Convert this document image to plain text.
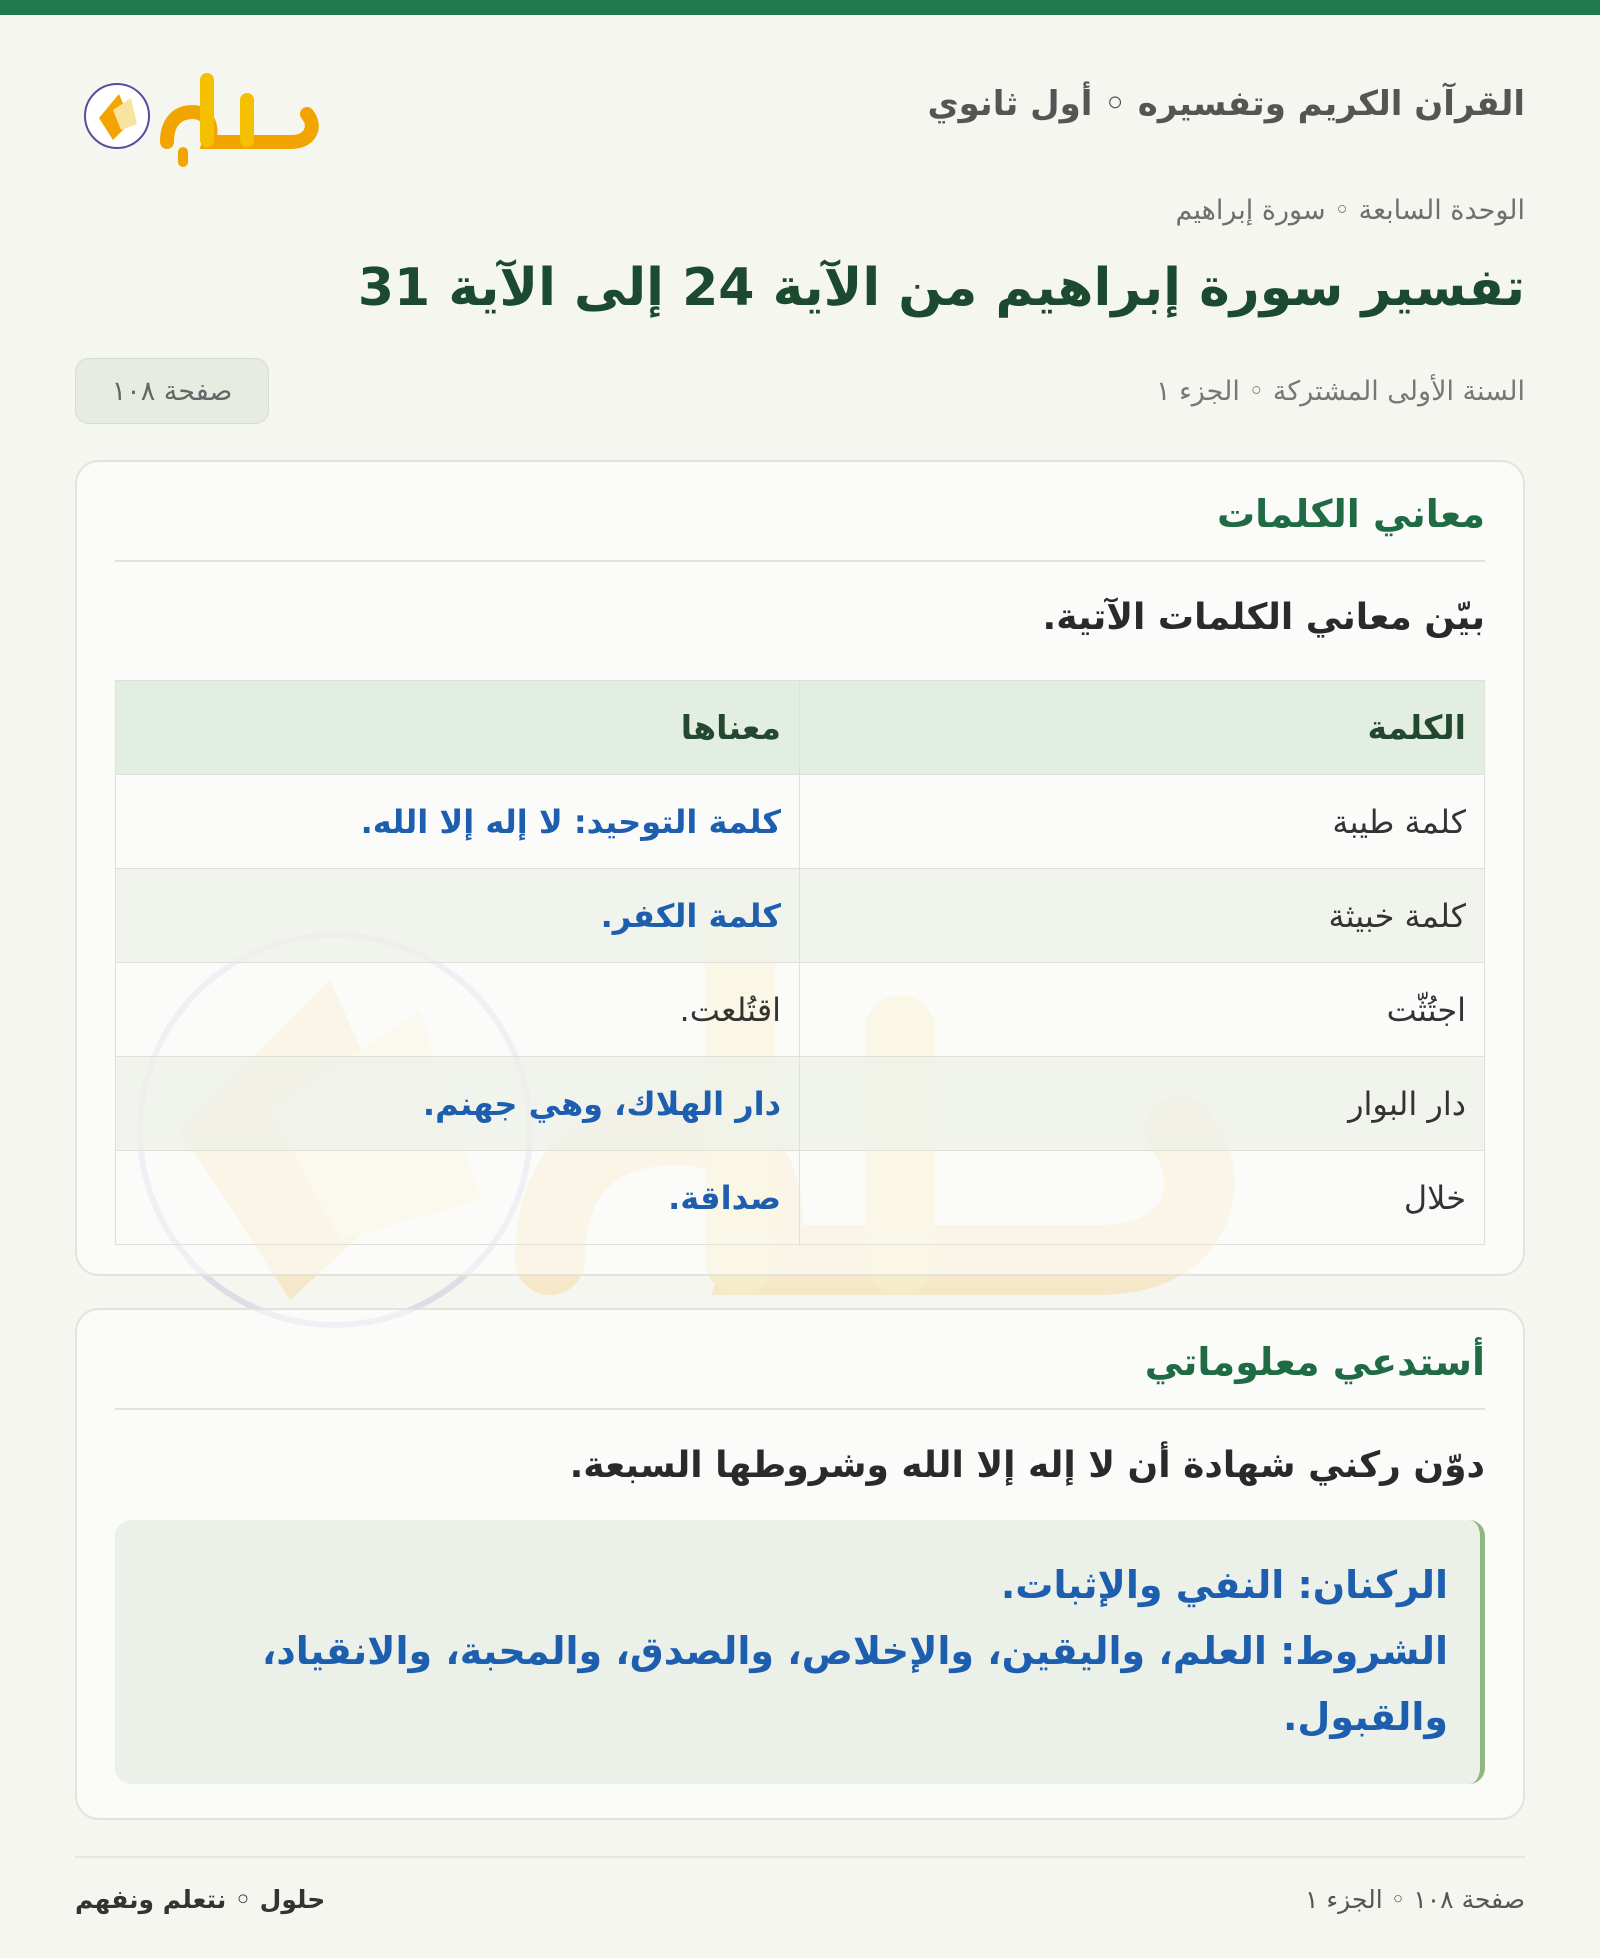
القرآن الكريم وتفسيره ◦ أول ثانوي
الوحدة السابعة ◦ سورة إبراهيم
تفسير سورة إبراهيم من الآية 24 إلى الآية 31
السنة الأولى المشتركة ◦ الجزء ١
صفحة ١٠٨
معاني الكلمات
بيّن معاني الكلمات الآتية.
الكلمة	معناها
كلمة طيبة	كلمة التوحيد: لا إله إلا الله.
كلمة خبيثة	كلمة الكفر.
اجتُثّت	اقتُلعت.
دار البوار	دار الهلاك، وهي جهنم.
خلال	صداقة.
أستدعي معلوماتي
دوّن ركني شهادة أن لا إله إلا الله وشروطها السبعة.
الركنان: النفي والإثبات.
الشروط: العلم، واليقين، والإخلاص، والصدق، والمحبة، والانقياد، والقبول.
حلول ◦ نتعلم ونفهم	صفحة ١٠٨ ◦ الجزء ١
